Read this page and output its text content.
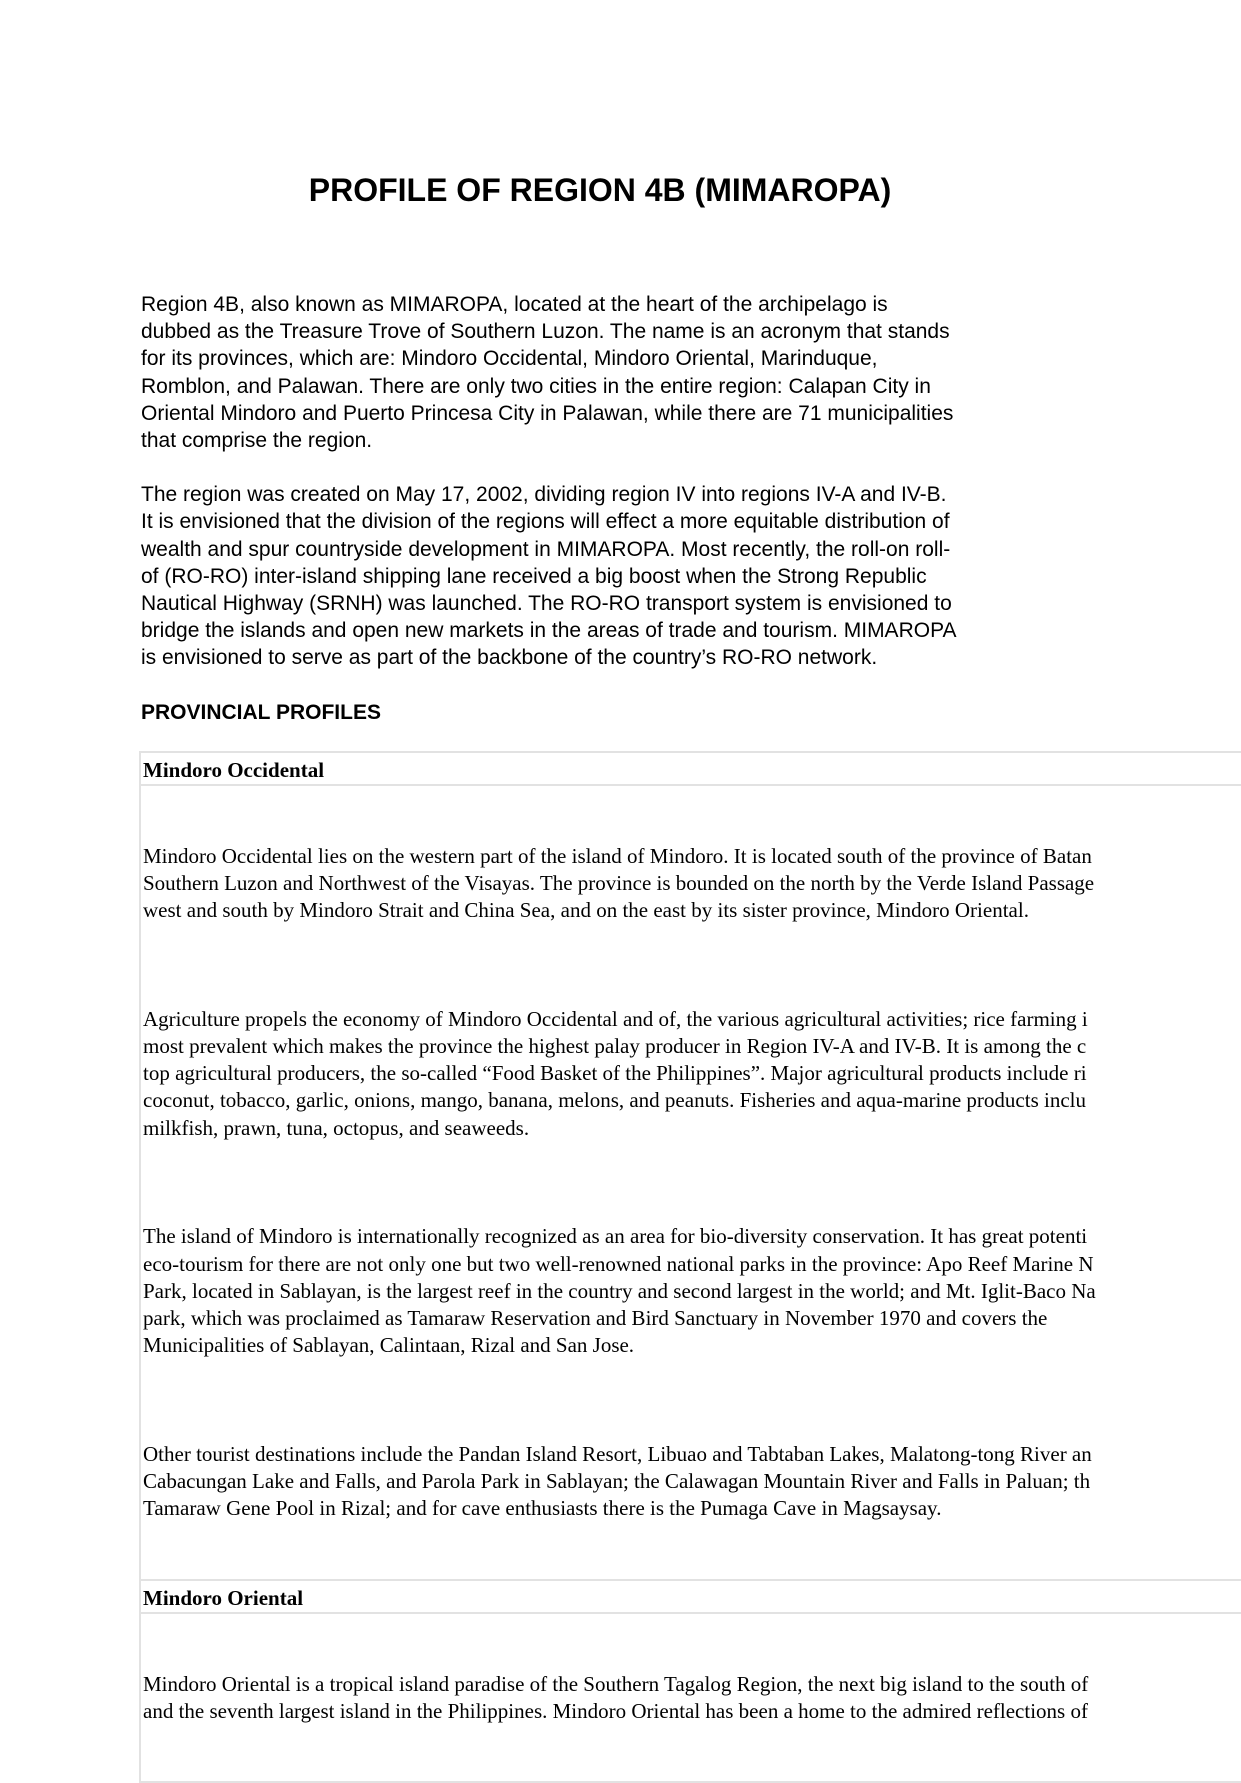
PROFILE OF REGION 4B (MIMAROPA)

Region 4B, also known as MIMAROPA, located at the heart of the archipelago is
dubbed as the Treasure Trove of Southern Luzon. The name is an acronym that stands
for its provinces, which are: Mindoro Occidental, Mindoro Oriental, Marinduque,
Romblon, and Palawan. There are only two cities in the entire region: Calapan City in
Oriental Mindoro and Puerto Princesa City in Palawan, while there are 71 municipalities
that comprise the region.

The region was created on May 17, 2002, dividing region IV into regions IV-A and IV-B.
It is envisioned that the division of the regions will effect a more equitable distribution of
wealth and spur countryside development in MIMAROPA. Most recently, the roll-on roll-
of (RO-RO) inter-island shipping lane received a big boost when the Strong Republic
Nautical Highway (SRNH) was launched. The RO-RO transport system is envisioned to
bridge the islands and open new markets in the areas of trade and tourism. MIMAROPA
is envisioned to serve as part of the backbone of the country’s RO-RO network.

PROVINCIAL PROFILES
Mindoro Occidental

Mindoro Occidental lies on the western part of the island of Mindoro. It is located south of the province of Batan
Southern Luzon and Northwest of the Visayas. The province is bounded on the north by the Verde Island Passage
west and south by Mindoro Strait and China Sea, and on the east by its sister province, Mindoro Oriental.

Agriculture propels the economy of Mindoro Occidental and of, the various agricultural activities; rice farming i
most prevalent which makes the province the highest palay producer in Region IV-A and IV-B. It is among the c
top agricultural producers, the so-called “Food Basket of the Philippines”. Major agricultural products include ri
coconut, tobacco, garlic, onions, mango, banana, melons, and peanuts. Fisheries and aqua-marine products inclu
milkfish, prawn, tuna, octopus, and seaweeds.

The island of Mindoro is internationally recognized as an area for bio-diversity conservation. It has great potenti
eco-tourism for there are not only one but two well-renowned national parks in the province: Apo Reef Marine N
Park, located in Sablayan, is the largest reef in the country and second largest in the world; and Mt. Iglit-Baco Na
park, which was proclaimed as Tamaraw Reservation and Bird Sanctuary in November 1970 and covers the
Municipalities of Sablayan, Calintaan, Rizal and San Jose.

Other tourist destinations include the Pandan Island Resort, Libuao and Tabtaban Lakes, Malatong-tong River an
Cabacungan Lake and Falls, and Parola Park in Sablayan; the Calawagan Mountain River and Falls in Paluan; th
Tamaraw Gene Pool in Rizal; and for cave enthusiasts there is the Pumaga Cave in Magsaysay.

Mindoro Oriental

Mindoro Oriental is a tropical island paradise of the Southern Tagalog Region, the next big island to the south of
and the seventh largest island in the Philippines. Mindoro Oriental has been a home to the admired reflections of
